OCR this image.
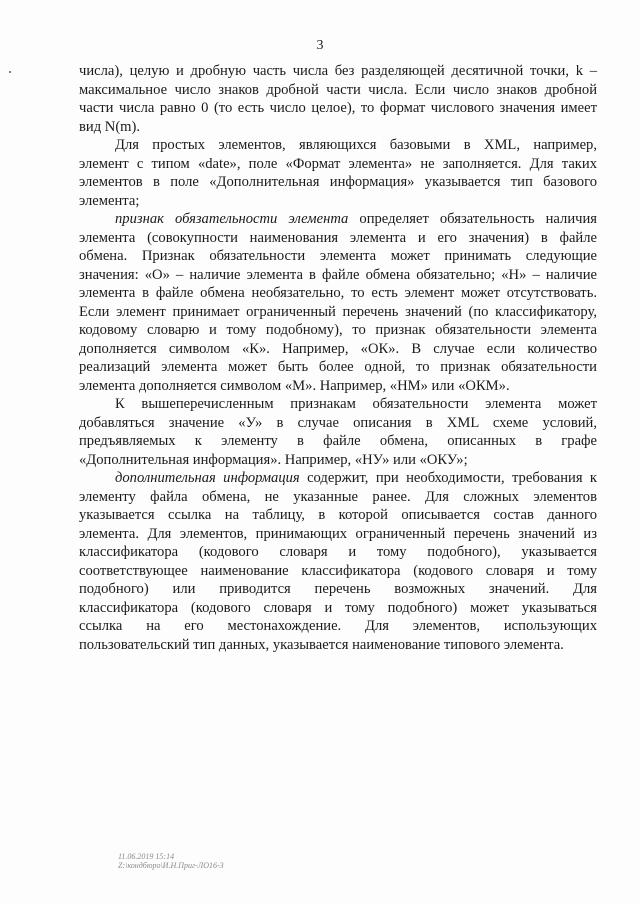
3
числа), целую и дробную часть числа без разделяющей десятичной точки, k –
максимальное число знаков дробной части числа. Если число знаков дробной
части числа равно 0 (то есть число целое), то формат числового значения имеет
вид N(m).
Для простых элементов, являющихся базовыми в XML, например,
элемент с типом «date», поле «Формат элемента» не заполняется. Для таких
элементов в поле «Дополнительная информация» указывается тип базового
элемента;
признак обязательности элемента определяет обязательность наличия
элемента (совокупности наименования элемента и его значения) в файле
обмена. Признак обязательности элемента может принимать следующие
значения: «О» – наличие элемента в файле обмена обязательно; «Н» – наличие
элемента в файле обмена необязательно, то есть элемент может отсутствовать.
Если элемент принимает ограниченный перечень значений (по классификатору,
кодовому словарю и тому подобному), то признак обязательности элемента
дополняется символом «К». Например, «ОК». В случае если количество
реализаций элемента может быть более одной, то признак обязательности
элемента дополняется символом «М». Например, «НМ» или «ОКМ».
К вышеперечисленным признакам обязательности элемента может
добавляться значение «У» в случае описания в XML схеме условий,
предъявляемых к элементу в файле обмена, описанных в графе
«Дополнительная информация». Например, «НУ» или «ОКУ»;
дополнительная информация содержит, при необходимости, требования к
элементу файла обмена, не указанные ранее. Для сложных элементов
указывается ссылка на таблицу, в которой описывается состав данного
элемента. Для элементов, принимающих ограниченный перечень значений из
классификатора (кодового словаря и тому подобного), указывается
соответствующее наименование классификатора (кодового словаря и тому
подобного) или приводится перечень возможных значений. Для
классификатора (кодового словаря и тому подобного) может указываться
ссылка на его местонахождение. Для элементов, использующих
пользовательский тип данных, указывается наименование типового элемента.
11.06.2019 15:14
Z:\кондбюро\И.Н.Приг-ЛО16-3
